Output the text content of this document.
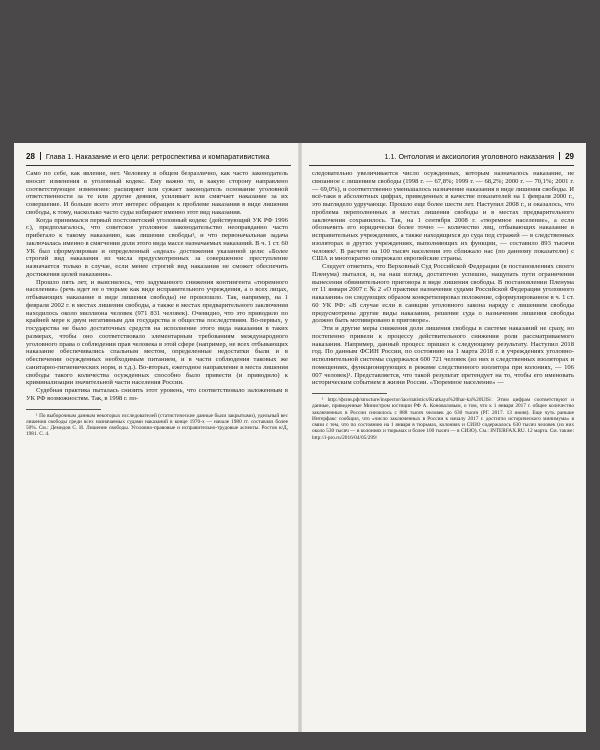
28 Глава 1. Наказание и его цели: ретроспектива и компаративистика

Само по себе, как явление, нет. Человеку в общем безразлично, как часто законодатель вносит изменения в уголовный кодекс. Ему важно то, в какую сторону направлено соответствующее изменение: расширяет или сужает законодатель основание уголовной ответственности за те или другие деяния, усиливает или смягчает наказание за их совершение. И больше всего этот интерес обращен к проблеме наказания в виде лишения свободы, к тому, насколько часто суды избирают именно этот вид наказания.

Когда принимался первый постсоветский уголовный кодекс (действующий УК РФ 1996 г.), предполагалось, что советское уголовное законодательство неоправданно часто прибегало к такому наказанию, как лишение свободы¹, и что первоначальная задача заключалась именно в смягчении доли этого вида массе назначаемых наказаний. В ч. 1 ст. 60 УК был сформулирован и определенный «идеал» достижения указанной цели: «Более строгий вид наказания из числа предусмотренных за совершенное преступление назначается только в случае, если менее строгий вид наказания не сможет обеспечить достижения целей наказания».

Прошло пять лет, и выяснилось, что задуманного снижения контингента «тюремного населения» (речь идет не о тюрьме как виде исправительного учреждения, а о всех лицах, отбывающих наказание в виде лишения свободы) не произошло. Так, например, на 1 февраля 2002 г. в местах лишения свободы, а также в местах предварительного заключения находилось около миллиона человек (971 831 человек). Очевидно, что это приводило по крайней мере к двум негативным для государства и общества последствиям. Во-первых, у государства не было достаточных средств на исполнение этого вида наказания в таких размерах, чтобы оно соответствовало элементарным требованиям международного уголовного права о соблюдении прав человека в этой сфере (например, не всех отбывающих наказание обеспечивались спальным местом, определенные недостатки были и в обеспечении осужденных необходимым питанием, и в части соблюдения таковых же санитарно-гигиенических норм, и т.д.). Во-вторых, ежегодное направление в места лишения свободы такого количества осужденных способно было привести (и приводило) к криминализации значительной части населения России.

Судебная практика пыталась снизить этот уровень, что соответствовало заложенным в УК РФ возможностям. Так, в 1998 г. по-

¹ По выборочным данным некоторых исследователей (статистические данные были закрытыми), удельный вес лишения свободы среди всех назначаемых судами наказаний в конце 1970-х — начале 1980 гг. составлял более 50%. См.: Демидов С. И. Лишение свободы. Уголовно-правовые и исправительно-трудовые аспекты. Ростов н/Д, 1981. С. 4.

1.1. Онтология и аксиология уголовного наказания 29

следовательно увеличивается число осужденных, которым назначалось наказание, не связанное с лишением свободы (1998 г. — 67,8%; 1999 г. — 68,2%; 2000 г. — 70,1%; 2001 г. — 69,0%), и соответственно уменьшалось назначение наказания в виде лишения свободы. И всё-таки в абсолютных цифрах, приведенных в качестве показателей на 1 февраля 2000 г., это выглядело удручающе. Прошло еще более шести лет. Наступил 2008 г., и оказалось, что проблема переполненных в местах лишения свободы и в местах предварительного заключения сохранилось. Так, на 1 сентября 2008 г. «тюремное население», а если обозначить его юридически более точно — количество лиц, отбывающих наказание в исправительных учреждениях, а также находящихся до суда под стражей — в следственных изоляторах и других учреждениях, выполняющих их функции, — составило 893 тысячи человек¹. В расчете на 100 тысяч населения это сближало нас (по данному показателю) с США и многократно опережало европейские страны.

Следует отметить, что Верховный Суд Российской Федерации (в постановлениях своего Пленума) пытался, и, на наш взгляд, достаточно успешно, нащупать пути ограничения вынесения обвинительного приговора в виде лишения свободы. В постановлении Пленума от 11 января 2007 г. № 2 «О практике назначения судами Российской Федерации уголовного наказания» он следующих образом конкретизировал положение, сформулированное в ч. 1 ст. 60 УК РФ: «В случае если в санкции уголовного закона наряду с лишением свободы предусмотрены другие виды наказания, решение суда о назначении лишения свободы должно быть мотивировано в приговоре».

Эти и другие меры снижения доли лишения свободы в системе наказаний не сразу, но постепенно привели к процессу действительного снижения роли рассматриваемого наказания. Например, данный процесс пришел к следующему результату. Наступил 2018 год. По данным ФСИН России, по состоянию на 1 марта 2018 г. в учреждениях уголовно-исполнительной системы содержался 600 721 человек (из них в следственных изоляторах и помещениях, функционирующих в режиме следственного изолятора при колониях, — 106 007 человек)¹. Представляется, что такой результат претендует на то, чтобы его именовать историческим событием в жизни России. «Тюремное население» —

¹ http://фсин.рф/structure/inspector/iao/statistics/Kratkaya%20har-ka%20UIS/. Этим цифрам соответствуют и данные, приведенные Министром юстиции РФ А. Коноваловым, о том, что к 1 января 2017 г. общее количество заключенных в России снизилось с 888 тысяч человек до 630 тысяч (РГ. 2017. 13 июня). Еще чуть раньше Интерфакс сообщил, что «число заключенных в России к началу 2017 г. достигло исторического минимума» в связи с тем, что по состоянию на 1 января в тюрьмах, колониях и СИЗО содержалось 630 тысяч человек (из них около 530 тысяч — в колониях и тюрьмах и более 100 тысяч — в СИЗО). См.: INTERFAX.RU. 12 марта. См. также: http://i-pro.ru/2016/04/05/299/
